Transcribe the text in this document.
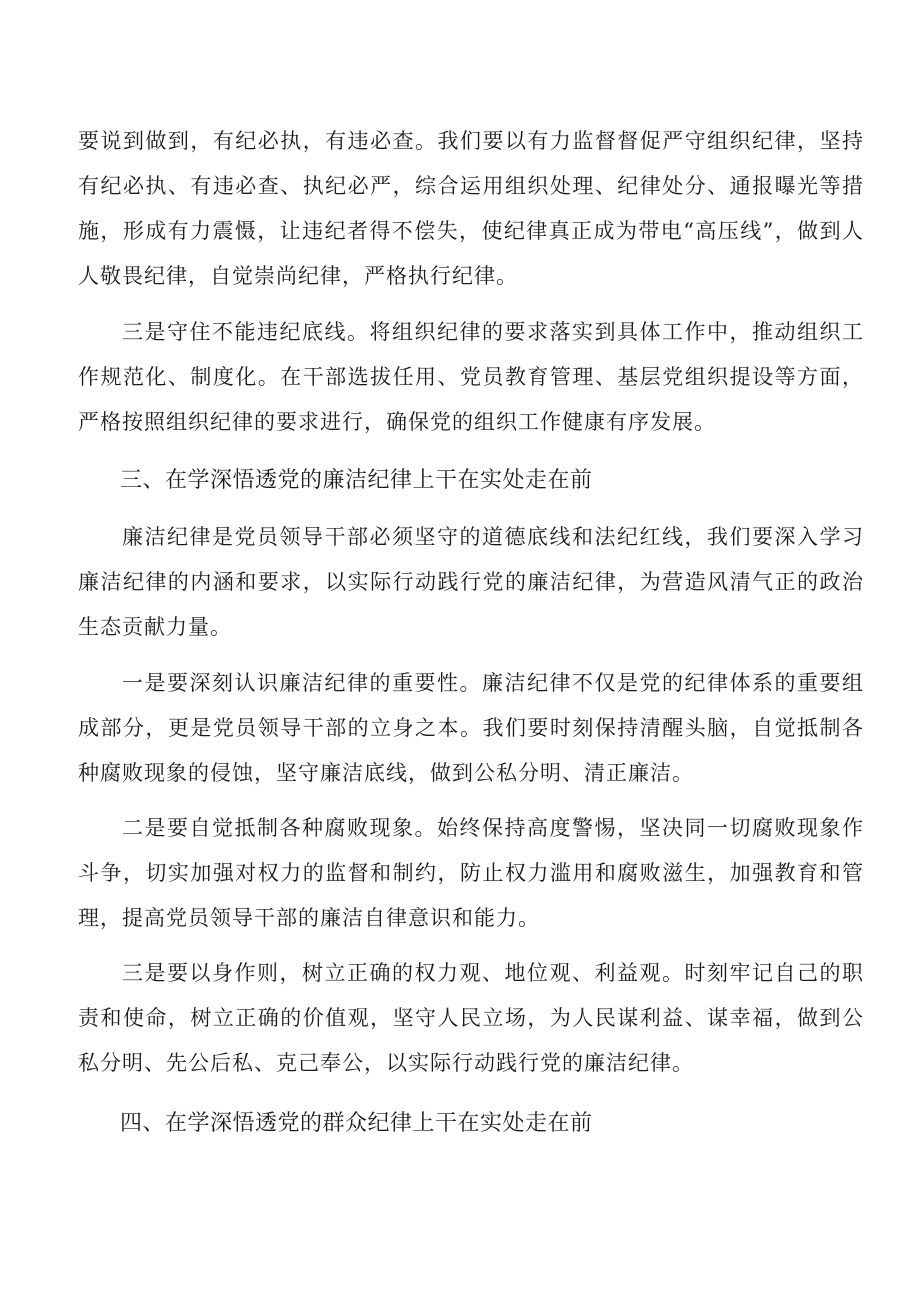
要说到做到，有纪必执，有违必查。我们要以有力监督督促严守组织纪律，坚持有纪必执、有违必查、执纪必严，综合运用组织处理、纪律处分、通报曝光等措施，形成有力震慑，让违纪者得不偿失，使纪律真正成为带电“高压线”，做到人人敬畏纪律，自觉崇尚纪律，严格执行纪律。

三是守住不能违纪底线。将组织纪律的要求落实到具体工作中，推动组织工作规范化、制度化。在干部选拔任用、党员教育管理、基层党组织提设等方面，严格按照组织纪律的要求进行，确保党的组织工作健康有序发展。

三、在学深悟透党的廉洁纪律上干在实处走在前

廉洁纪律是党员领导干部必须坚守的道德底线和法纪红线，我们要深入学习廉洁纪律的内涵和要求，以实际行动践行党的廉洁纪律，为营造风清气正的政治生态贡献力量。

一是要深刻认识廉洁纪律的重要性。廉洁纪律不仅是党的纪律体系的重要组成部分，更是党员领导干部的立身之本。我们要时刻保持清醒头脑，自觉抵制各种腐败现象的侵蚀，坚守廉洁底线，做到公私分明、清正廉洁。

二是要自觉抵制各种腐败现象。始终保持高度警惕，坚决同一切腐败现象作斗争，切实加强对权力的监督和制约，防止权力滥用和腐败滋生，加强教育和管理，提高党员领导干部的廉洁自律意识和能力。

三是要以身作则，树立正确的权力观、地位观、利益观。时刻牢记自己的职责和使命，树立正确的价值观，坚守人民立场，为人民谋利益、谋幸福，做到公私分明、先公后私、克己奉公，以实际行动践行党的廉洁纪律。

四、在学深悟透党的群众纪律上干在实处走在前
